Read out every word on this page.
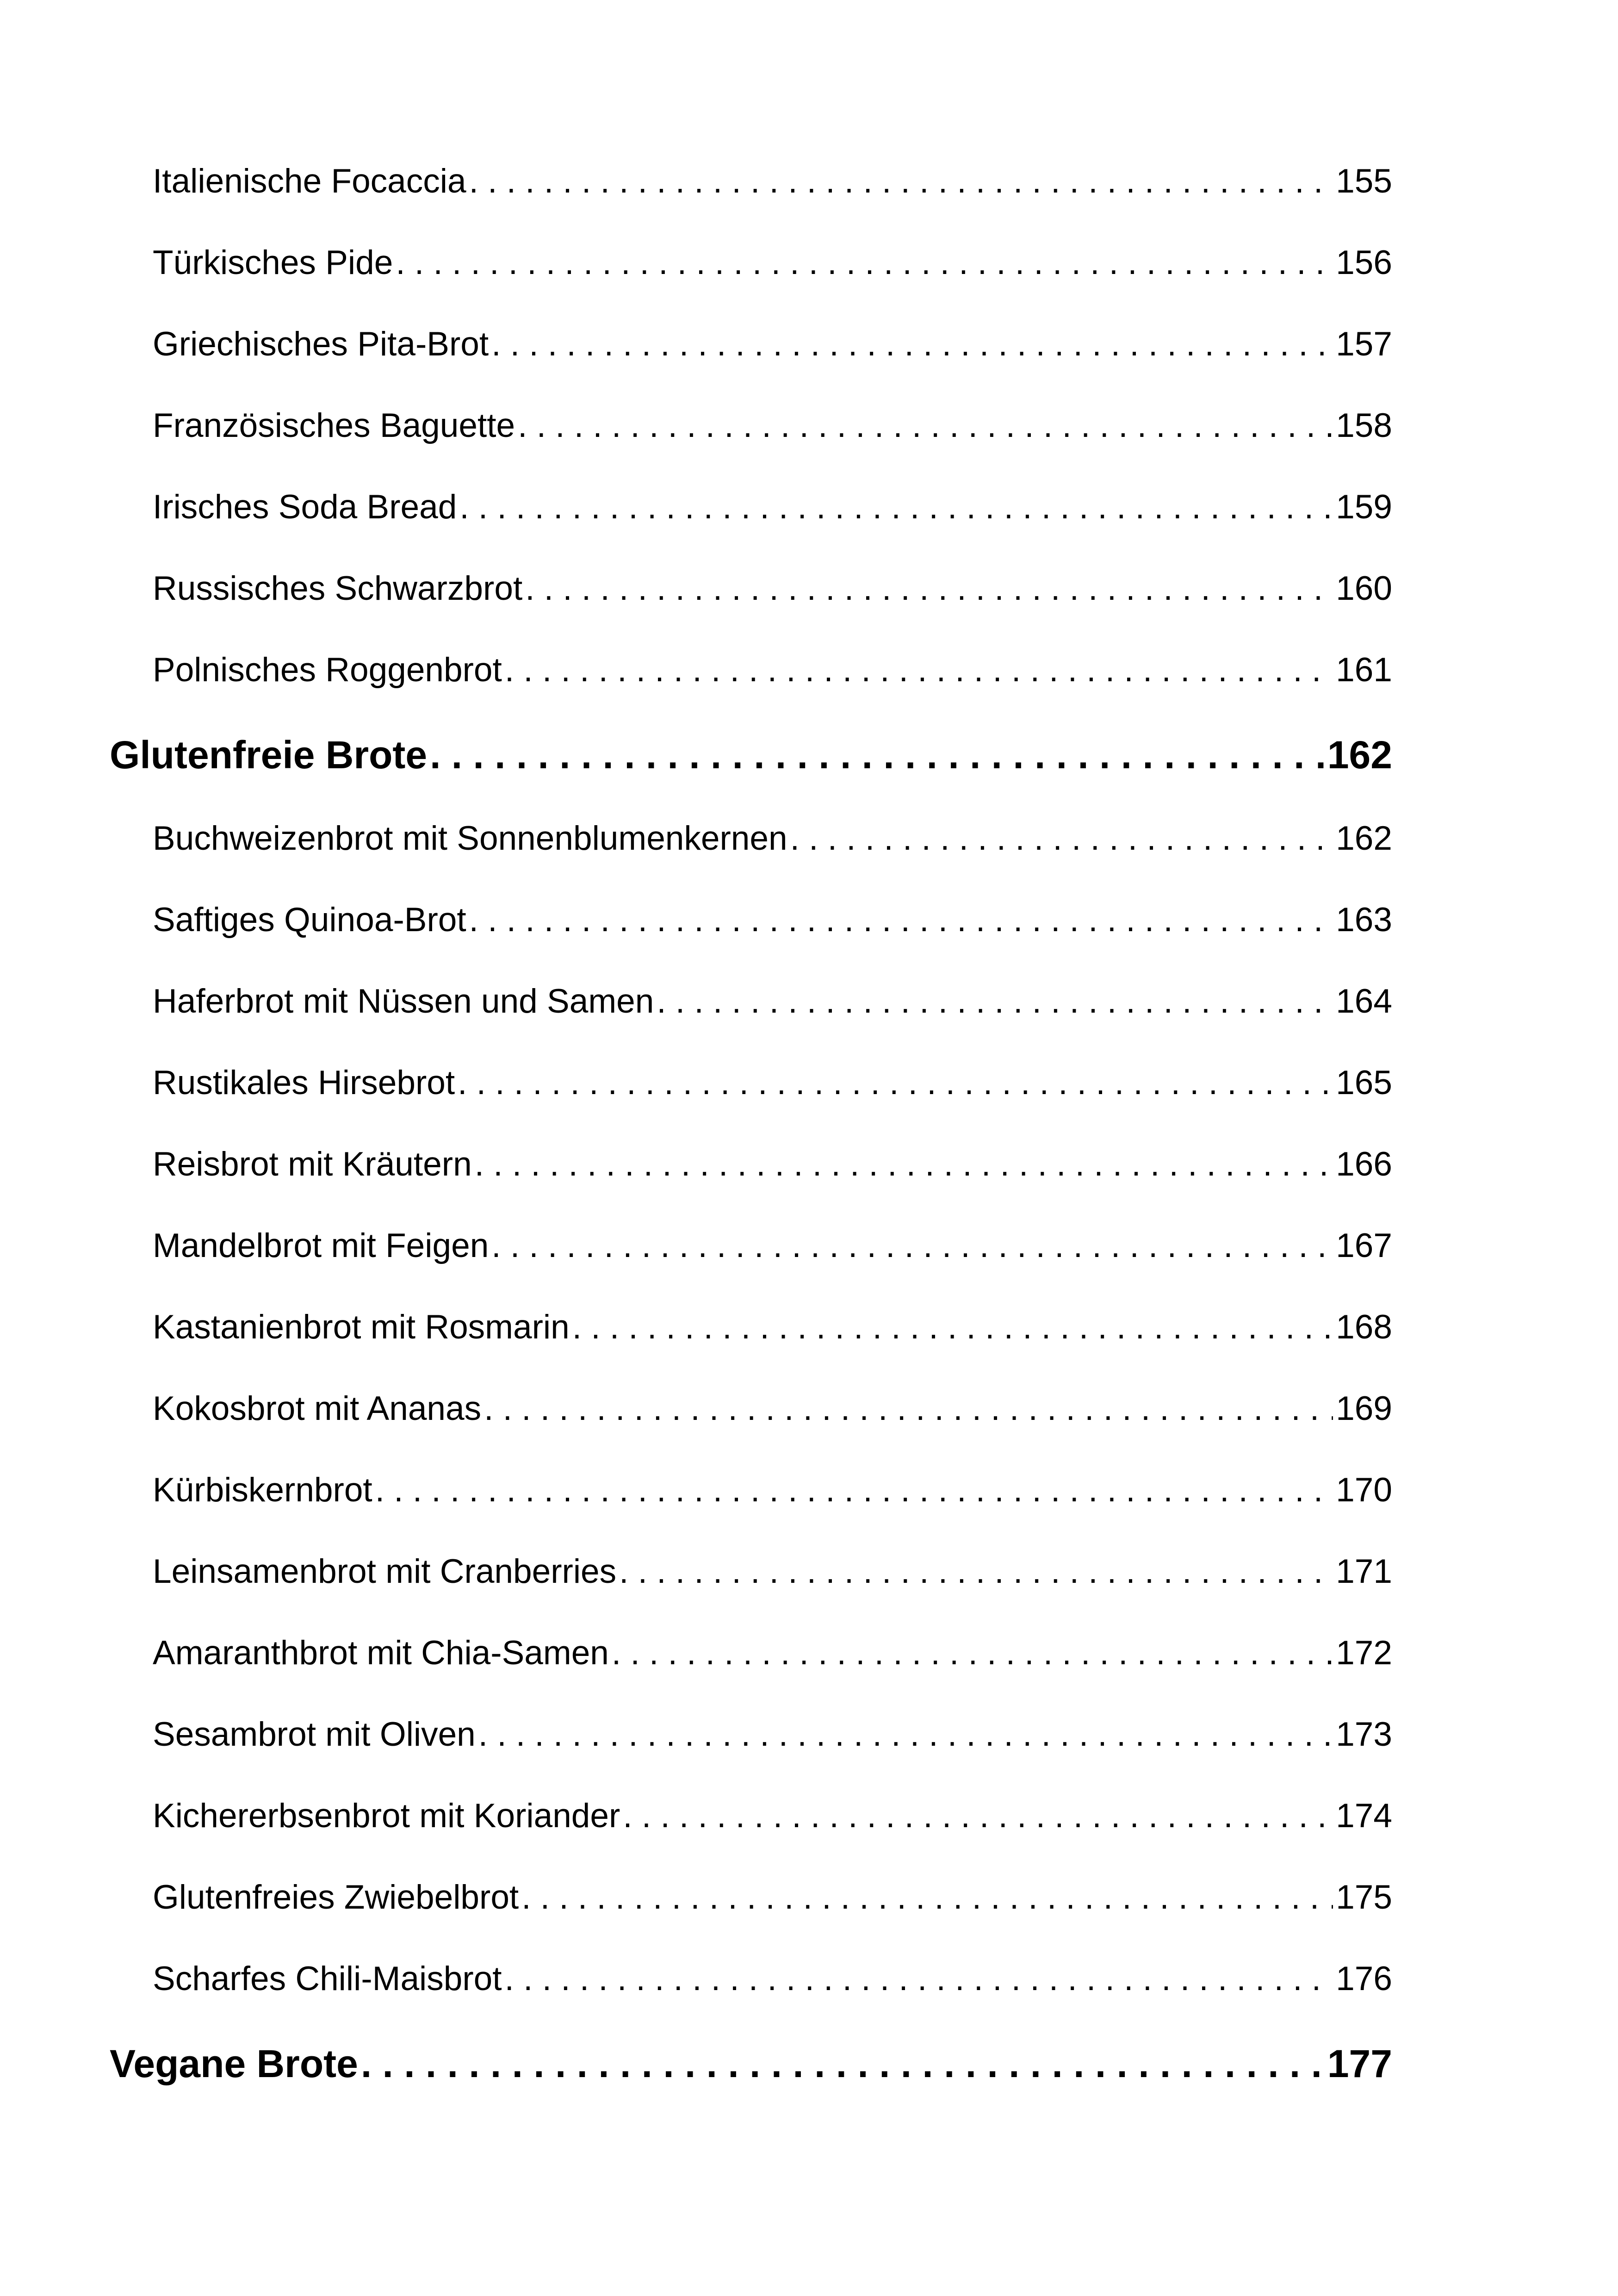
Italienische Focaccia . . .	155
Türkisches Pide . . .	156
Griechisches Pita-Brot . . .	157
Französisches Baguette . . .	158
Irisches Soda Bread . . .	159
Russisches Schwarzbrot . . .	160
Polnisches Roggenbrot . . .	161
Glutenfreie Brote . . .	162
Buchweizenbrot mit Sonnenblumenkernen . . .	162
Saftiges Quinoa-Brot . . .	163
Haferbrot mit Nüssen und Samen . . .	164
Rustikales Hirsebrot . . .	165
Reisbrot mit Kräutern . . .	166
Mandelbrot mit Feigen . . .	167
Kastanienbrot mit Rosmarin . . .	168
Kokosbrot mit Ananas . . .	169
Kürbiskernbrot . . .	170
Leinsamenbrot mit Cranberries . . .	171
Amaranthbrot mit Chia-Samen . . .	172
Sesambrot mit Oliven . . .	173
Kichererbsenbrot mit Koriander . . .	174
Glutenfreies Zwiebelbrot . . .	175
Scharfes Chili-Maisbrot . . .	176
Vegane Brote . . .	177
